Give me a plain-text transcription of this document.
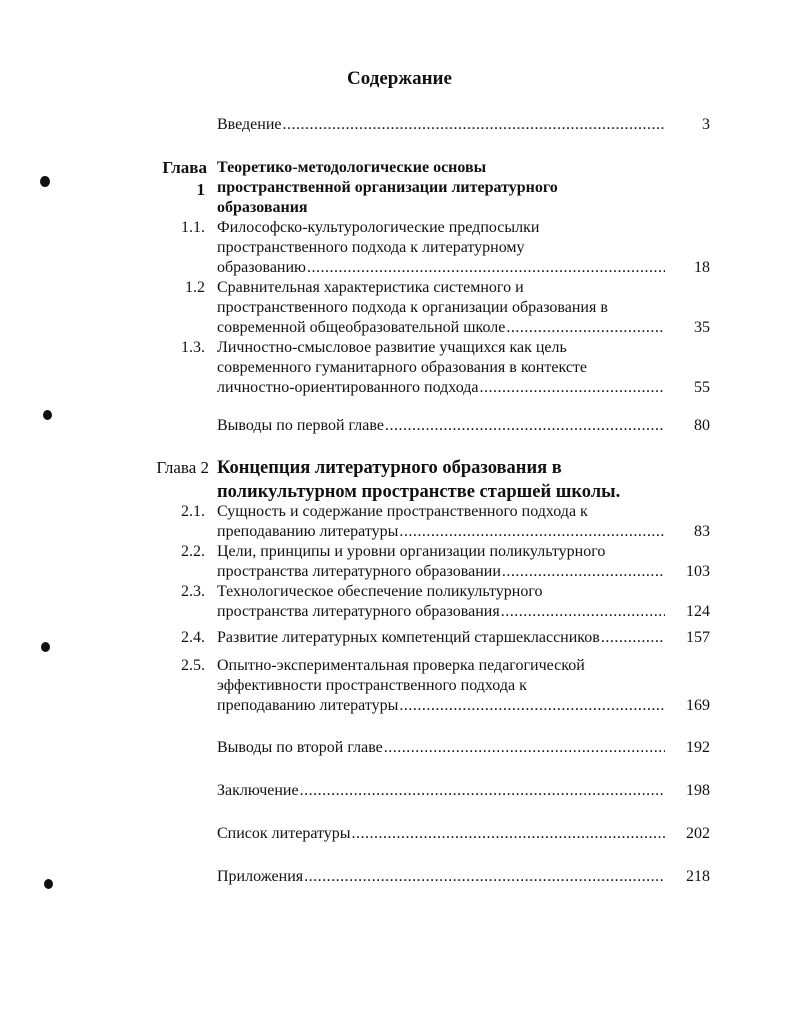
Содержание
Введение .....	3
Глава
1
Теоретико-методологические основы
пространственной организации литературного
образования
1.1. Философско-культурологические предпосылки
пространственного подхода к литературному
образованию .....	18
1.2 Сравнительная характеристика системного и
пространственного подхода к организации образования в
современной общеобразовательной школе .....	35
1.3. Личностно-смысловое развитие учащихся как цель
современного гуманитарного образования в контексте
личностно-ориентированного подхода .....	55
Выводы по первой главе .....	80
Глава 2 Концепция литературного образования в
поликультурном пространстве старшей школы.
2.1. Сущность и содержание пространственного подхода к
преподаванию литературы .....	83
2.2. Цели, принципы и уровни организации поликультурного
пространства литературного образовании .....	103
2.3. Технологическое обеспечение поликультурного
пространства литературного образования .....	124
2.4. Развитие литературных компетенций старшеклассников .....	157
2.5. Опытно-экспериментальная проверка педагогической
эффективности пространственного подхода к
преподаванию литературы .....	169
Выводы по второй главе .....	192
Заключение .....	198
Список литературы .....	202
Приложения .....	218
